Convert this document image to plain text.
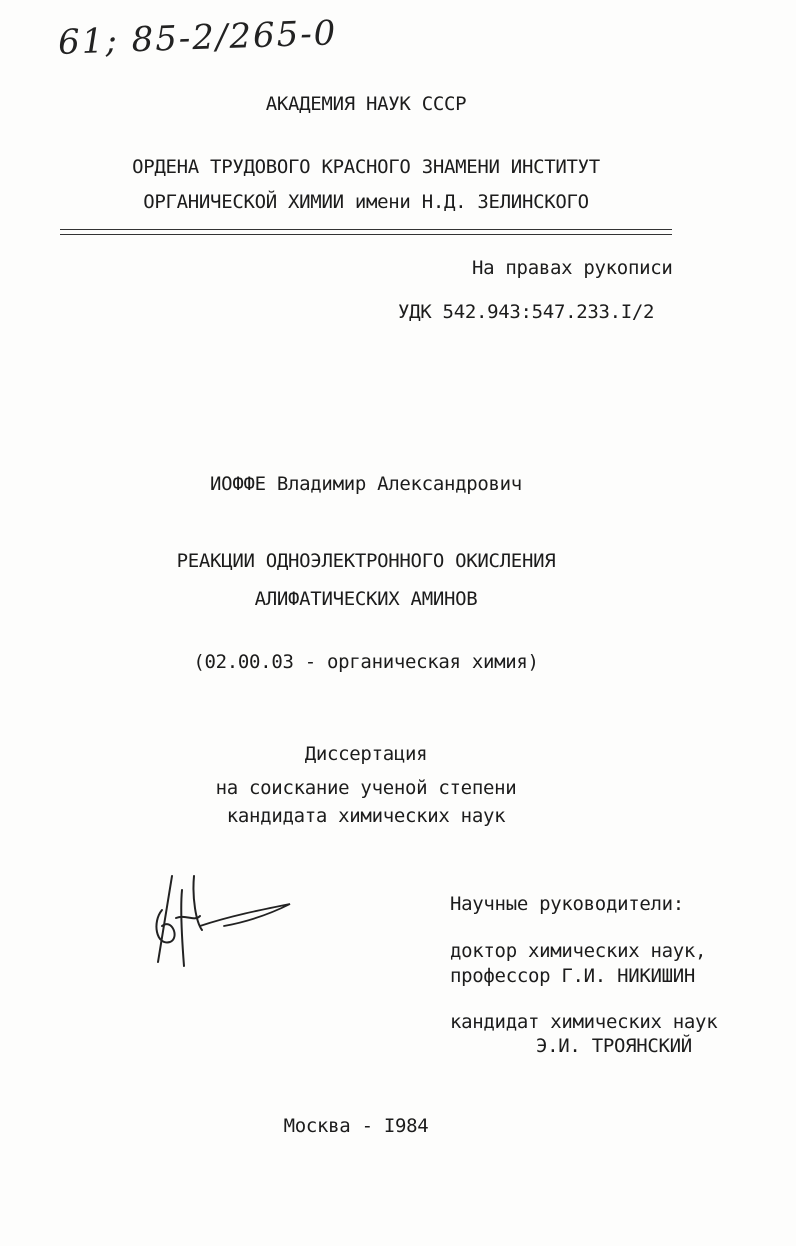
61; 85-2/265-0
АКАДЕМИЯ НАУК СССР
ОРДЕНА ТРУДОВОГО КРАСНОГО ЗНАМЕНИ ИНСТИТУТ
ОРГАНИЧЕСКОЙ ХИМИИ имени Н.Д. ЗЕЛИНСКОГО
На правах рукописи
УДК 542.943:547.233.I/2
ИОФФЕ Владимир Александрович
РЕАКЦИИ ОДНОЭЛЕКТРОННОГО ОКИСЛЕНИЯ
АЛИФАТИЧЕСКИХ АМИНОВ
(02.00.03 - органическая химия)
Диссертация
на соискание ученой степени
кандидата химических наук
Научные руководители:
доктор химических наук,
профессор Г.И. НИКИШИН
кандидат химических наук
Э.И. ТРОЯНСКИЙ
Москва - I984
